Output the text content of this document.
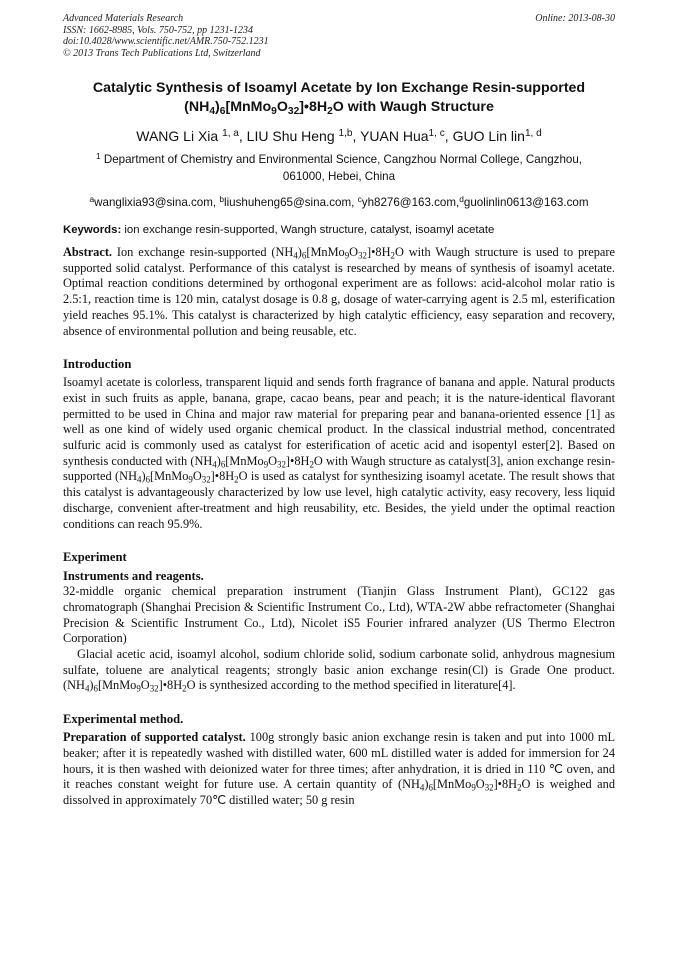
Advanced Materials Research
ISSN: 1662-8985, Vols. 750-752, pp 1231-1234
doi:10.4028/www.scientific.net/AMR.750-752.1231
© 2013 Trans Tech Publications Ltd, Switzerland
Online: 2013-08-30
Catalytic Synthesis of Isoamyl Acetate by Ion Exchange Resin-supported
$(NH_4)_6[MnMo_9O_{32}]•8H_2O$ with Waugh Structure
WANG Li Xia $^{1, a}$, LIU Shu Heng $^{1,b}$, YUAN Hua$^{1, c}$, GUO Lin lin$^{1, d}$
$^1$ Department of Chemistry and Environmental Science, Cangzhou Normal College, Cangzhou,
061000, Hebei, China
$^a$wanglixia93@sina.com, $^b$liushuheng65@sina.com, $^c$yh8276@163.com,$^d$guolinlin0613@163.com
Keywords: ion exchange resin-supported, Wangh structure, catalyst, isoamyl acetate
Abstract. Ion exchange resin-supported $(NH_4)_6[MnMo_9O_{32}]•8H_2O$ with Waugh structure is used to prepare supported solid catalyst. Performance of this catalyst is researched by means of synthesis of isoamyl acetate. Optimal reaction conditions determined by orthogonal experiment are as follows: acid-alcohol molar ratio is 2.5:1, reaction time is 120 min, catalyst dosage is 0.8 g, dosage of water-carrying agent is 2.5 ml, esterification yield reaches 95.1%. This catalyst is characterized by high catalytic efficiency, easy separation and recovery, absence of environmental pollution and being reusable, etc.
Introduction
Isoamyl acetate is colorless, transparent liquid and sends forth fragrance of banana and apple. Natural products exist in such fruits as apple, banana, grape, cacao beans, pear and peach; it is the nature-identical flavorant permitted to be used in China and major raw material for preparing pear and banana-oriented essence [1] as well as one kind of widely used organic chemical product. In the classical industrial method, concentrated sulfuric acid is commonly used as catalyst for esterification of acetic acid and isopentyl ester[2]. Based on synthesis conducted with $(NH_4)_6[MnMo_9O_{32}]•8H_2O$ with Waugh structure as catalyst[3], anion exchange resin-supported $(NH_4)_6[MnMo_9O_{32}]•8H_2O$ is used as catalyst for synthesizing isoamyl acetate. The result shows that this catalyst is advantageously characterized by low use level, high catalytic activity, easy recovery, less liquid discharge, convenient after-treatment and high reusability, etc. Besides, the yield under the optimal reaction conditions can reach 95.9%.
Experiment
Instruments and reagents.
32-middle organic chemical preparation instrument (Tianjin Glass Instrument Plant), GC122 gas chromatograph (Shanghai Precision & Scientific Instrument Co., Ltd), WTA-2W abbe refractometer (Shanghai Precision & Scientific Instrument Co., Ltd), Nicolet iS5 Fourier infrared analyzer (US Thermo Electron Corporation)
Glacial acetic acid, isoamyl alcohol, sodium chloride solid, sodium carbonate solid, anhydrous magnesium sulfate, toluene are analytical reagents; strongly basic anion exchange resin(Cl) is Grade One product. $(NH_4)_6[MnMo_9O_{32}]•8H_2O$ is synthesized according to the method specified in literature[4].
Experimental method.
Preparation of supported catalyst. 100g strongly basic anion exchange resin is taken and put into 1000 mL beaker; after it is repeatedly washed with distilled water, 600 mL distilled water is added for immersion for 24 hours, it is then washed with deionized water for three times; after anhydration, it is dried in 110 ℃ oven, and it reaches constant weight for future use. A certain quantity of $(NH_4)_6[MnMo_9O_{32}]•8H_2O$ is weighed and dissolved in approximately 70℃ distilled water; 50 g resin
